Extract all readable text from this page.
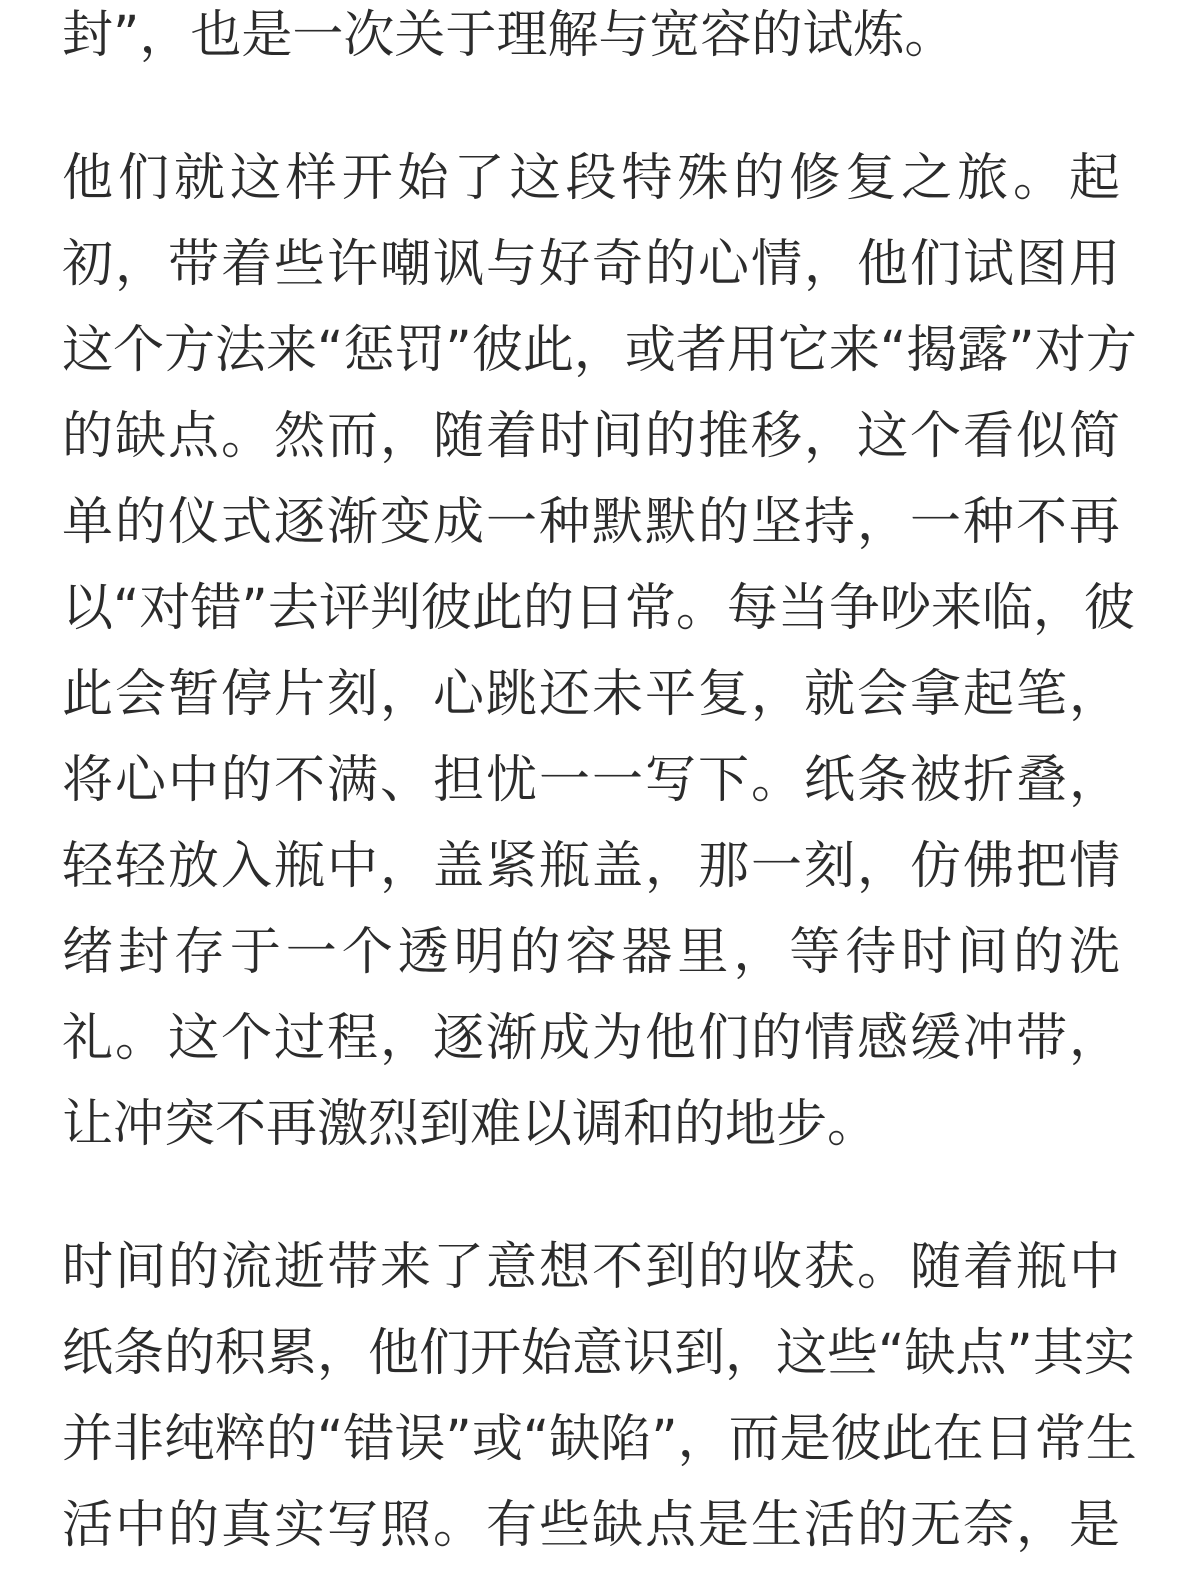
封”，也是一次关于理解与宽容的试炼。
他们就这样开始了这段特殊的修复之旅。起
初，带着些许嘲讽与好奇的心情，他们试图用
这个方法来“惩罚”彼此，或者用它来“揭露”对方
的缺点。然而，随着时间的推移，这个看似简
单的仪式逐渐变成一种默默的坚持，一种不再
以“对错”去评判彼此的日常。每当争吵来临，彼
此会暂停片刻，心跳还未平复，就会拿起笔，
将心中的不满、担忧一一写下。纸条被折叠，
轻轻放入瓶中，盖紧瓶盖，那一刻，仿佛把情
绪封存于一个透明的容器里，等待时间的洗
礼。这个过程，逐渐成为他们的情感缓冲带，
让冲突不再激烈到难以调和的地步。
时间的流逝带来了意想不到的收获。随着瓶中
纸条的积累，他们开始意识到，这些“缺点”其实
并非纯粹的“错误”或“缺陷”，而是彼此在日常生
活中的真实写照。有些缺点是生活的无奈，是
